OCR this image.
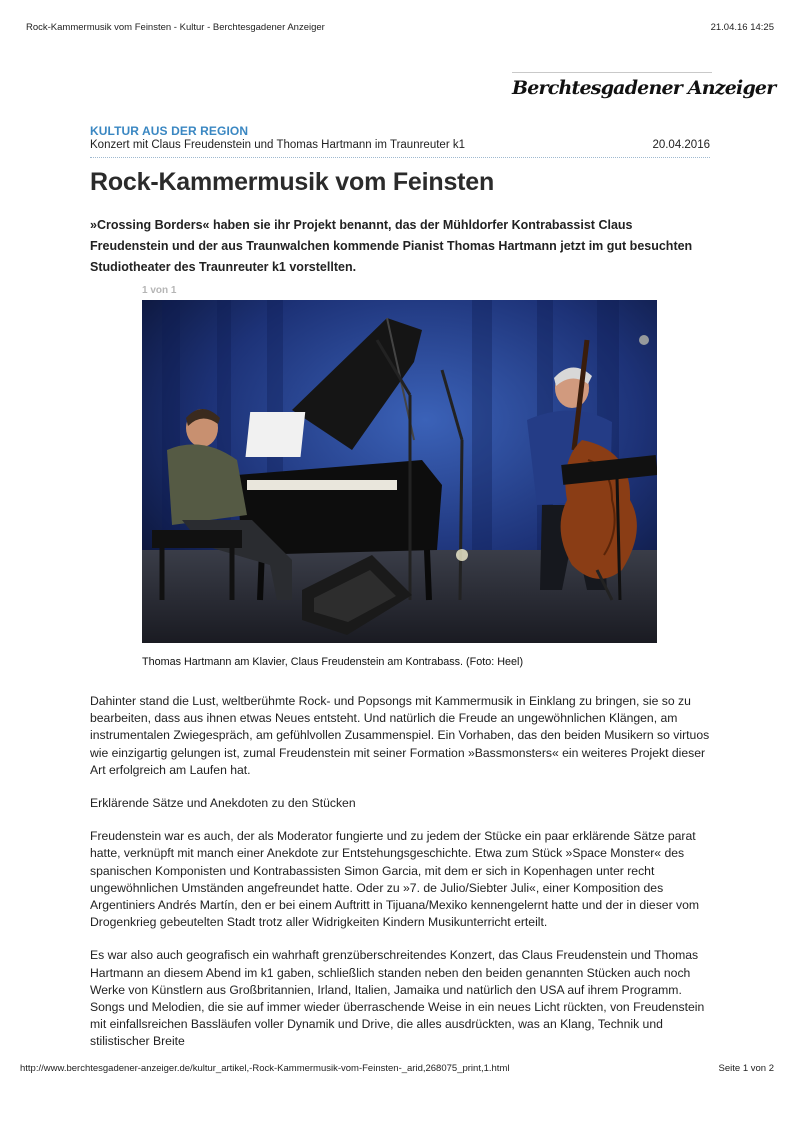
Rock-Kammermusik vom Feinsten - Kultur - Berchtesgadener Anzeiger	21.04.16 14:25
Berchtesgadener Anzeiger
KULTUR AUS DER REGION
Konzert mit Claus Freudenstein und Thomas Hartmann im Traunreuter k1	20.04.2016
Rock-Kammermusik vom Feinsten

»Crossing Borders« haben sie ihr Projekt benannt, das der Mühldorfer Kontrabassist Claus Freudenstein und der aus Traunwalchen kommende Pianist Thomas Hartmann jetzt im gut besuchten Studiotheater des Traunreuter k1 vorstellten.

1 von 1
Thomas Hartmann am Klavier, Claus Freudenstein am Kontrabass. (Foto: Heel)

Dahinter stand die Lust, weltberühmte Rock- und Popsongs mit Kammermusik in Einklang zu bringen, sie so zu bearbeiten, dass aus ihnen etwas Neues entsteht. Und natürlich die Freude an ungewöhnlichen Klängen, am instrumentalen Zwiegespräch, am gefühlvollen Zusammenspiel. Ein Vorhaben, das den beiden Musikern so virtuos wie einzigartig gelungen ist, zumal Freudenstein mit seiner Formation »Bassmonsters« ein weiteres Projekt dieser Art erfolgreich am Laufen hat.

Erklärende Sätze und Anekdoten zu den Stücken

Freudenstein war es auch, der als Moderator fungierte und zu jedem der Stücke ein paar erklärende Sätze parat hatte, verknüpft mit manch einer Anekdote zur Entstehungsgeschichte. Etwa zum Stück »Space Monster« des spanischen Komponisten und Kontrabassisten Simon Garcia, mit dem er sich in Kopenhagen unter recht ungewöhnlichen Umständen angefreundet hatte. Oder zu »7. de Julio/Siebter Juli«, einer Komposition des Argentiniers Andrés Martín, den er bei einem Auftritt in Tijuana/Mexiko kennengelernt hatte und der in dieser vom Drogenkrieg gebeutelten Stadt trotz aller Widrigkeiten Kindern Musikunterricht erteilt.

Es war also auch geografisch ein wahrhaft grenzüberschreitendes Konzert, das Claus Freudenstein und Thomas Hartmann an diesem Abend im k1 gaben, schließlich standen neben den beiden genannten Stücken auch noch Werke von Künstlern aus Großbritannien, Irland, Italien, Jamaika und natürlich den USA auf ihrem Programm. Songs und Melodien, die sie auf immer wieder überraschende Weise in ein neues Licht rückten, von Freudenstein mit einfallsreichen Bassläufen voller Dynamik und Drive, die alles ausdrückten, was an Klang, Technik und stilistischer Breite

http://www.berchtesgadener-anzeiger.de/kultur_artikel,-Rock-Kammermusik-vom-Feinsten-_arid,268075_print,1.html	Seite 1 von 2
